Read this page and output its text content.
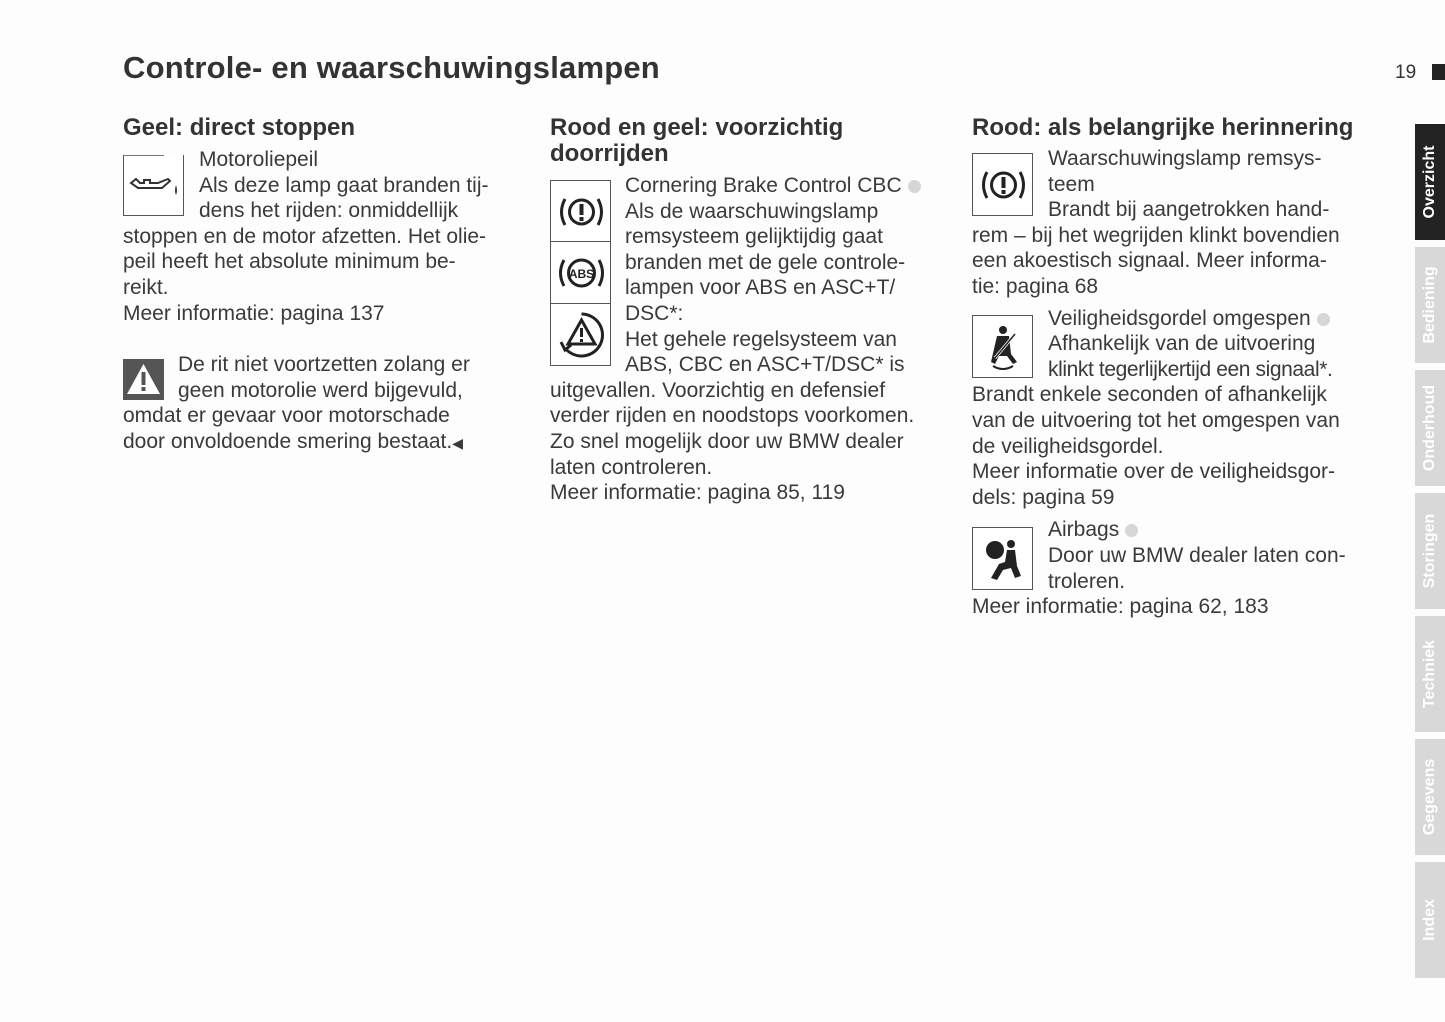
Controle- en waarschuwingslampen	19
Geel: direct stoppen

Motoroliepeil

Als deze lamp gaat branden tij-

dens het rijden: onmiddellijk

stoppen en de motor afzetten. Het olie-

peil heeft het absolute minimum be-

reikt.

Meer informatie: pagina 137

De rit niet voortzetten zolang er

geen motorolie werd bijgevuld,

omdat er gevaar voor motorschade

door onvoldoende smering bestaat.◀

Rood en geel: voorzichtig
doorrijden

Cornering Brake Control CBC

Als de waarschuwingslamp

remsysteem gelijktijdig gaat

branden met de gele controle-

lampen voor ABS en ASC+T/

DSC*:

Het gehele regelsysteem van

ABS, CBC en ASC+T/DSC* is

uitgevallen. Voorzichtig en defensief

verder rijden en noodstops voorkomen.

Zo snel mogelijk door uw BMW dealer

laten controleren.

Meer informatie: pagina 85, 119

ABS
Rood: als belangrijke herinnering

Waarschuwingslamp remsys-

teem

Brandt bij aangetrokken hand-

rem – bij het wegrijden klinkt bovendien

een akoestisch signaal. Meer informa-

tie: pagina 68

Veiligheidsgordel omgespen

Afhankelijk van de uitvoering

klinkt tegerlijkertijd een signaal*.

Brandt enkele seconden of afhankelijk

van de uitvoering tot het omgespen van

de veiligheidsgordel.

Meer informatie over de veiligheidsgor-

dels: pagina 59

Airbags

Door uw BMW dealer laten con-

troleren.

Meer informatie: pagina 62, 183

Overzicht
Bediening
Onderhoud
Storingen
Techniek
Gegevens
Index
